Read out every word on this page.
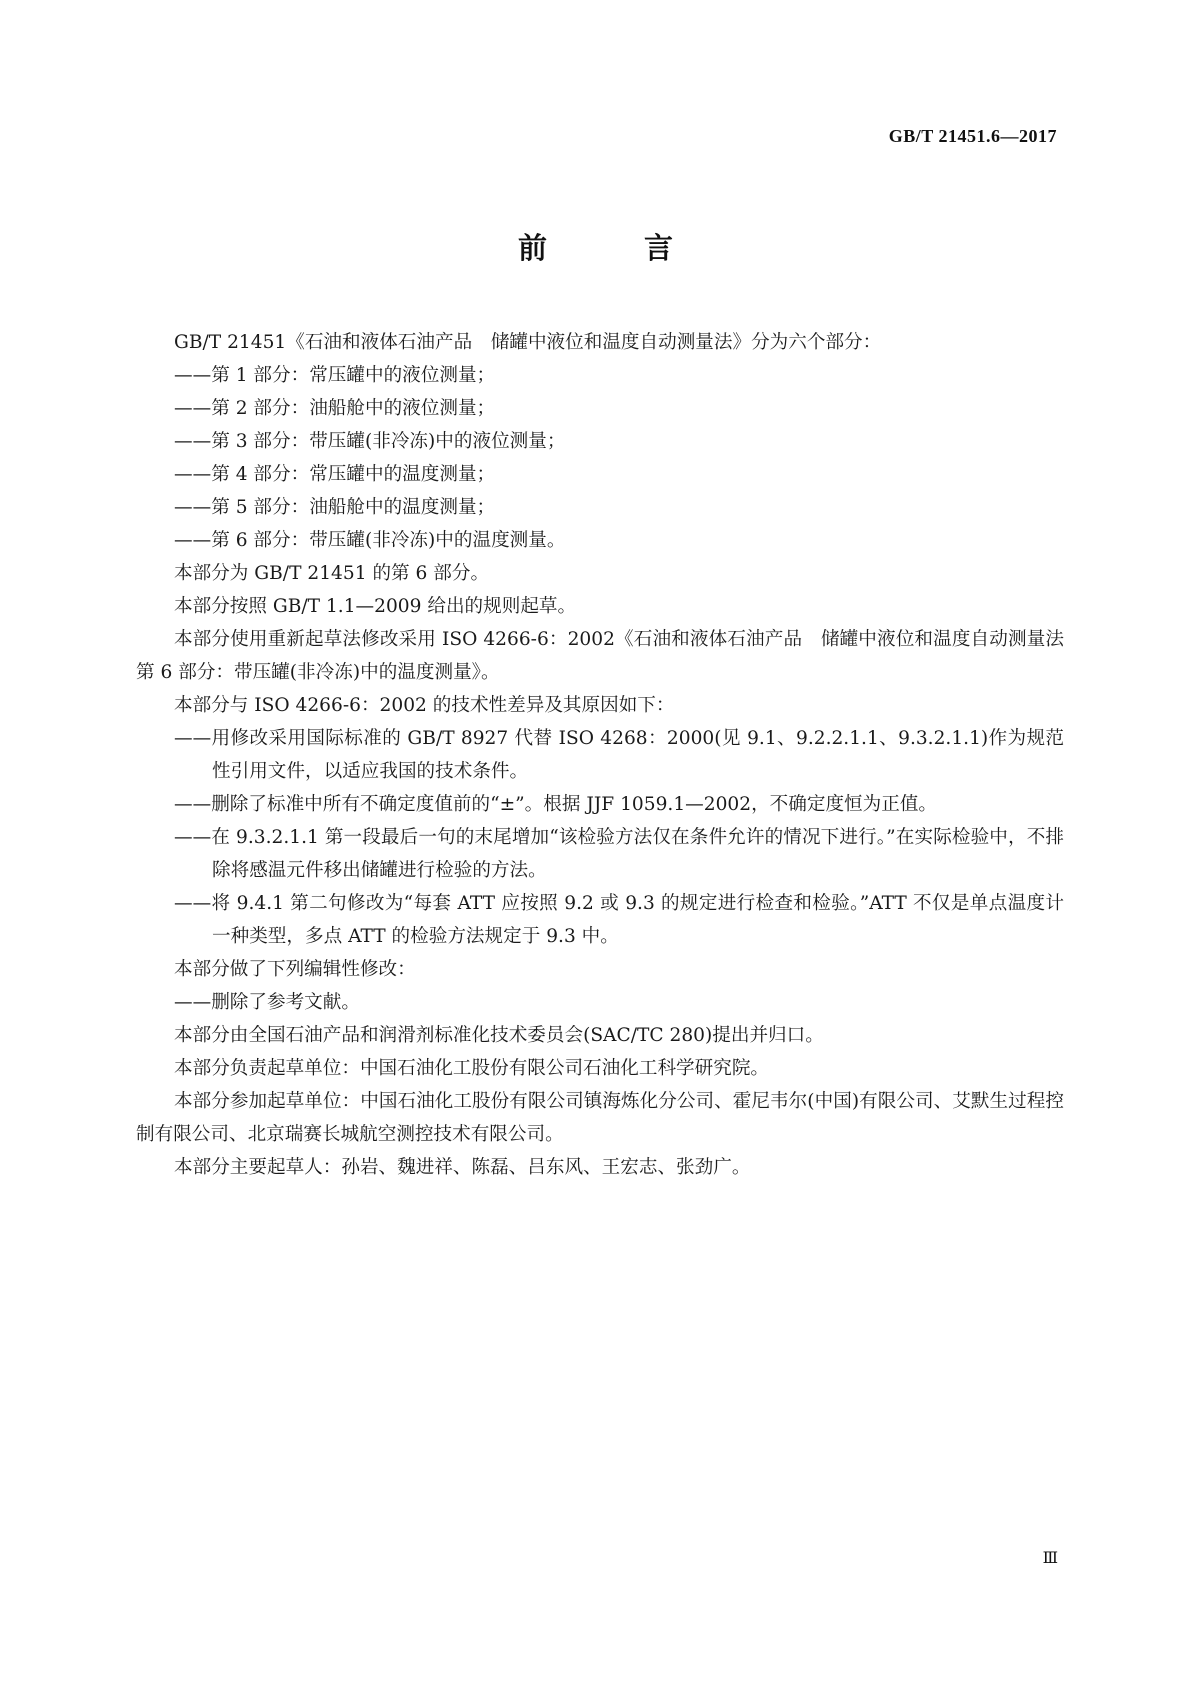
GB/T 21451.6—2017
前　言

GB/T 21451《石油和液体石油产品　储罐中液位和温度自动测量法》分为六个部分：

——第 1 部分：常压罐中的液位测量；

——第 2 部分：油船舱中的液位测量；

——第 3 部分：带压罐(非冷冻)中的液位测量；

——第 4 部分：常压罐中的温度测量；

——第 5 部分：油船舱中的温度测量；

——第 6 部分：带压罐(非冷冻)中的温度测量。

本部分为 GB/T 21451 的第 6 部分。

本部分按照 GB/T 1.1—2009 给出的规则起草。

本部分使用重新起草法修改采用 ISO 4266-6：2002《石油和液体石油产品　储罐中液位和温度自动测量法　第 6 部分：带压罐(非冷冻)中的温度测量》。

本部分与 ISO 4266-6：2002 的技术性差异及其原因如下：

——用修改采用国际标准的 GB/T 8927 代替 ISO 4268：2000(见 9.1、9.2.2.1.1、9.3.2.1.1)作为规范性引用文件，以适应我国的技术条件。

——删除了标准中所有不确定度值前的“±”。根据 JJF 1059.1—2002，不确定度恒为正值。

——在 9.3.2.1.1 第一段最后一句的末尾增加“该检验方法仅在条件允许的情况下进行。”在实际检验中，不排除将感温元件移出储罐进行检验的方法。

——将 9.4.1 第二句修改为“每套 ATT 应按照 9.2 或 9.3 的规定进行检查和检验。”ATT 不仅是单点温度计一种类型，多点 ATT 的检验方法规定于 9.3 中。

本部分做了下列编辑性修改：

——删除了参考文献。

本部分由全国石油产品和润滑剂标准化技术委员会(SAC/TC 280)提出并归口。

本部分负责起草单位：中国石油化工股份有限公司石油化工科学研究院。

本部分参加起草单位：中国石油化工股份有限公司镇海炼化分公司、霍尼韦尔(中国)有限公司、艾默生过程控制有限公司、北京瑞赛长城航空测控技术有限公司。

本部分主要起草人：孙岩、魏进祥、陈磊、吕东风、王宏志、张劲广。

Ⅲ
